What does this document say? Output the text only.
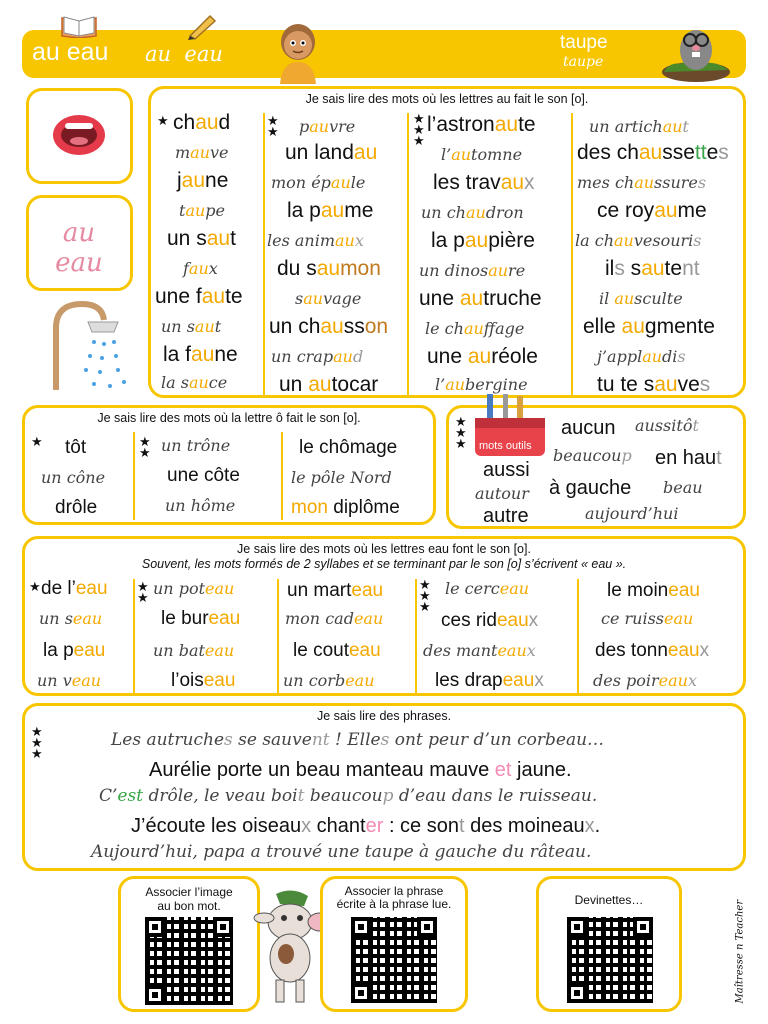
au eau au  eau	taupe
taupe
au eau
Je sais lire des mots où les lettres au fait le son [o].
★	★
★
★
★
★
chaud
mauve
jaune
taupe
un saut
faux
une faute
un saut
la faune
la sauce
pauvre
un landau
mon épaule
la paume
les animaux
du saumon
sauvage
un chausson
un crapaud
un autocar
l’astronaute
l’automne
les travaux
un chaudron
la paupière
un dinosaure
une autruche
le chauffage
une auréole
l’aubergine
un artichaut
des chaussettes
mes chaussures
ce royaume
la chauvesouris
ils sautent
il ausculte
elle augmente
j’applaudis
tu te sauves
Je sais lire des mots où la lettre ô fait le son [o].
★	★
★
tôt
un cône
drôle
un trône
une côte
un hôme
le chômage
le pôle Nord
mon diplôme
★
★
★ mots outils
aucun aussitôt
beaucoup en haut
aussi
autour à gauche beau
autre	aujourd’hui
Je sais lire des mots où les lettres eau font le son [o].
Souvent, les mots formés de 2 syllabes et se terminant par le son [o] s’écrivent « eau ».
★	★
★
★
★
★
de l’eau
un seau
la peau
un veau
un poteau
le bureau
un bateau
l’oiseau
un marteau
mon cadeau
le couteau
un corbeau
le cerceau
ces rideaux
des manteaux
les drapeaux
le moineau
ce ruisseau
des tonneaux
des poireaux
Je sais lire des phrases.
★
★
★
Les autruches se sauvent ! Elles ont peur d’un corbeau…
Aurélie porte un beau manteau mauve et jaune.
C’est drôle, le veau boit beaucoup d’eau dans le ruisseau.
J’écoute les oiseaux chanter : ce sont des moineaux.
Aujourd’hui, papa a trouvé une taupe à gauche du râteau.
Associer l’image au bon mot.
Associer la phrase écrite à la phrase lue.	Devinettes…	Maîtresse n Teacher
